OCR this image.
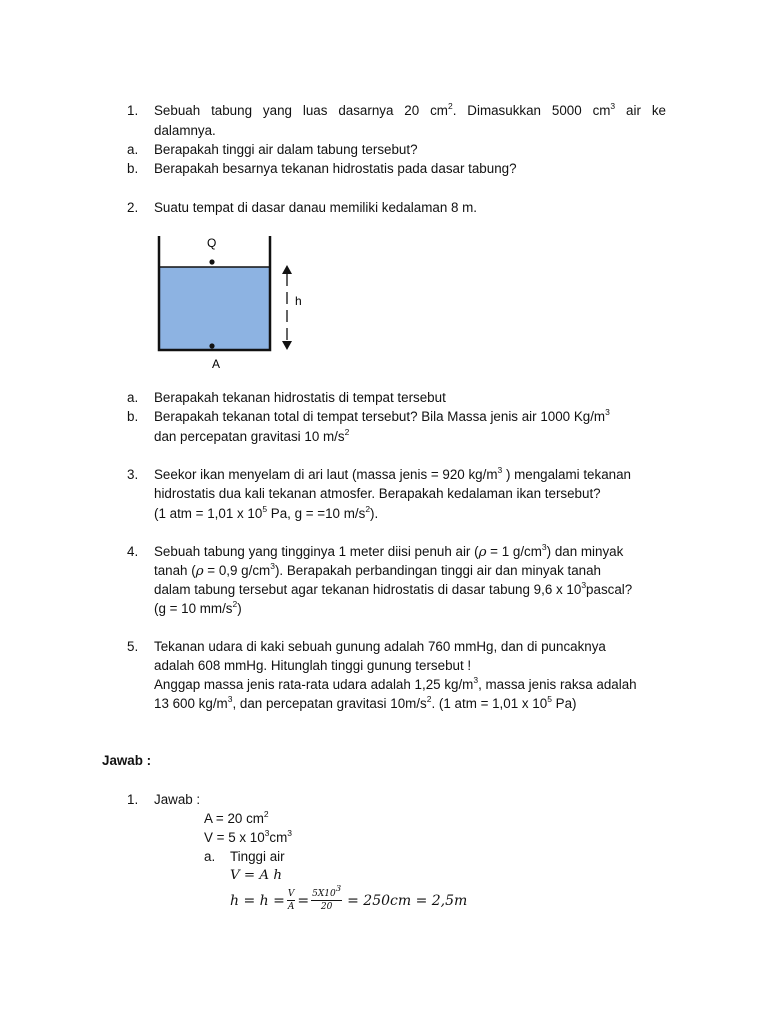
1. Sebuah tabung yang luas dasarnya 20 $cm^2$. Dimasukkan 5000 $cm^3$ air ke
dalamnya.
a. Berapakah tinggi air dalam tabung tersebut?
b. Berapakah besarnya tekanan hidrostatis pada dasar tabung?
2. Suatu tempat di dasar danau memiliki kedalaman 8 m.
Q
A
h
a. Berapakah tekanan hidrostatis di tempat tersebut
b. Berapakah tekanan total di tempat tersebut? Bila Massa jenis air 1000 $Kg/m^3$
dan percepatan gravitasi 10 $m/s^2$
3. Seekor ikan menyelam di ari laut (massa jenis = 920 $kg/m^3$ ) mengalami tekanan
hidrostatis dua kali tekanan atmosfer. Berapakah kedalaman ikan tersebut?
(1 atm = 1,01 x $10^5$ Pa, g = =10 $m/s^2$).
4. Sebuah tabung yang tingginya 1 meter diisi penuh air (ρ = 1 $g/cm^3$) dan minyak
tanah (ρ = 0,9 $g/cm^3$). Berapakah perbandingan tinggi air dan minyak tanah
dalam tabung tersebut agar tekanan hidrostatis di dasar tabung 9,6 x $10^3pascal$?
(g = 10 $mm/s^2$)
5. Tekanan udara di kaki sebuah gunung adalah 760 mmHg, dan di puncaknya
adalah 608 mmHg. Hitunglah tinggi gunung tersebut !
Anggap massa jenis rata-rata udara adalah 1,25 $kg/m^3$, massa jenis raksa adalah
13 600 $kg/m^3$, dan percepatan gravitasi $10m/s^2$. (1 atm = 1,01 x $10^5$ Pa)
Jawab :
1. Jawab :
A = 20 $cm^2$
V = 5 x $10^3cm^3$
a. Tinggi air
V = A h
$h = h = \frac{V}{A} = \frac{5X10^3}{20} = 250cm = 2,5m$
